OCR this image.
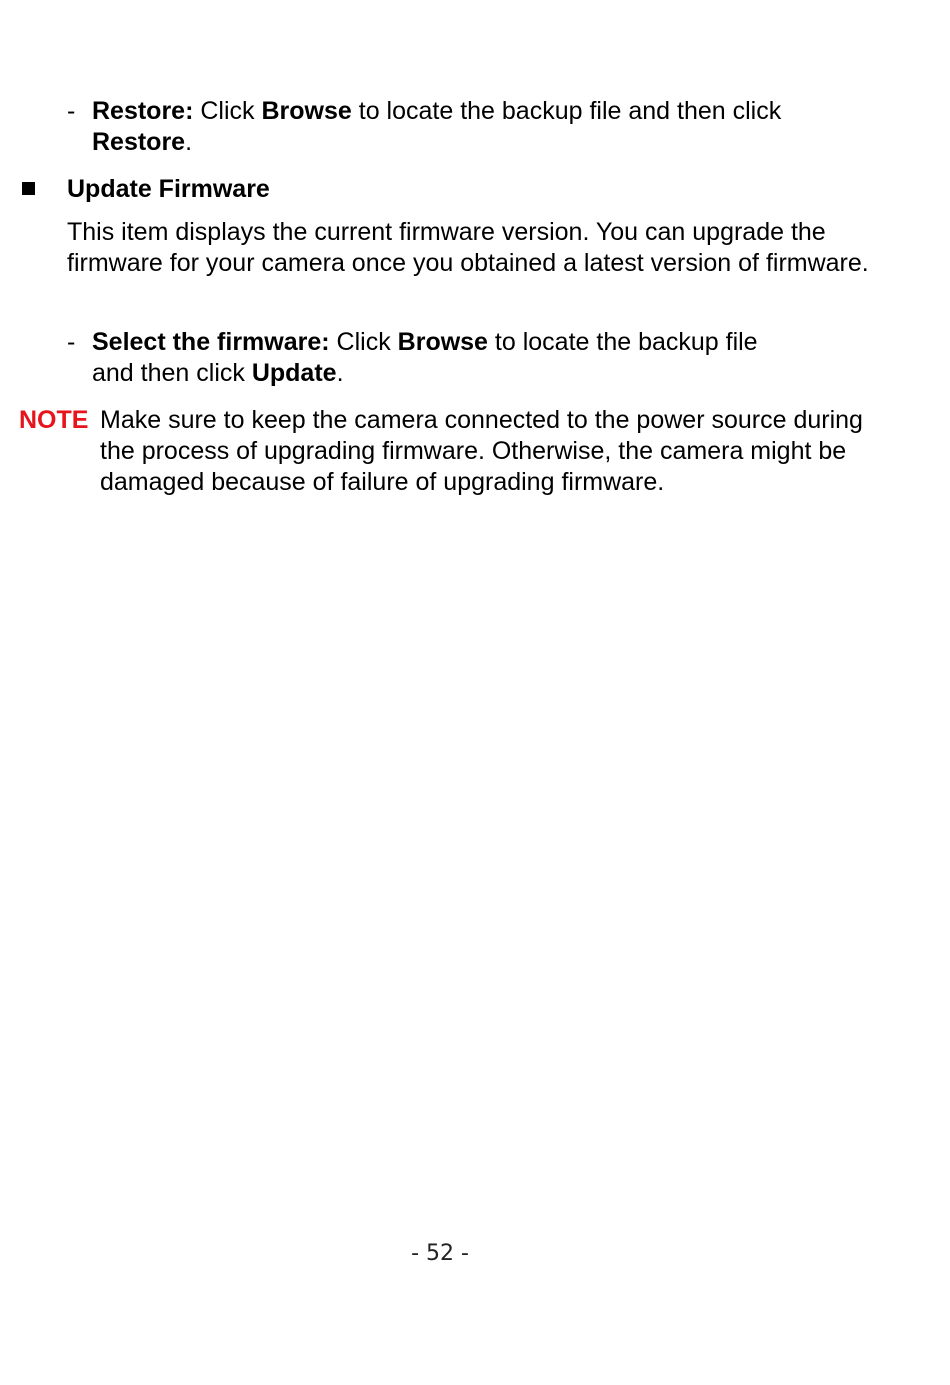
- Restore: Click Browse to locate the backup file and then click
Restore.
Update Firmware
This item displays the current firmware version. You can upgrade the firmware for your camera once you obtained a latest version of firmware.
- Select the firmware: Click Browse to locate the backup file
and then click Update.
NOTE Make sure to keep the camera connected to the power source during the process of upgrading firmware. Otherwise, the camera might be damaged because of failure of upgrading firmware.
- 52 -
